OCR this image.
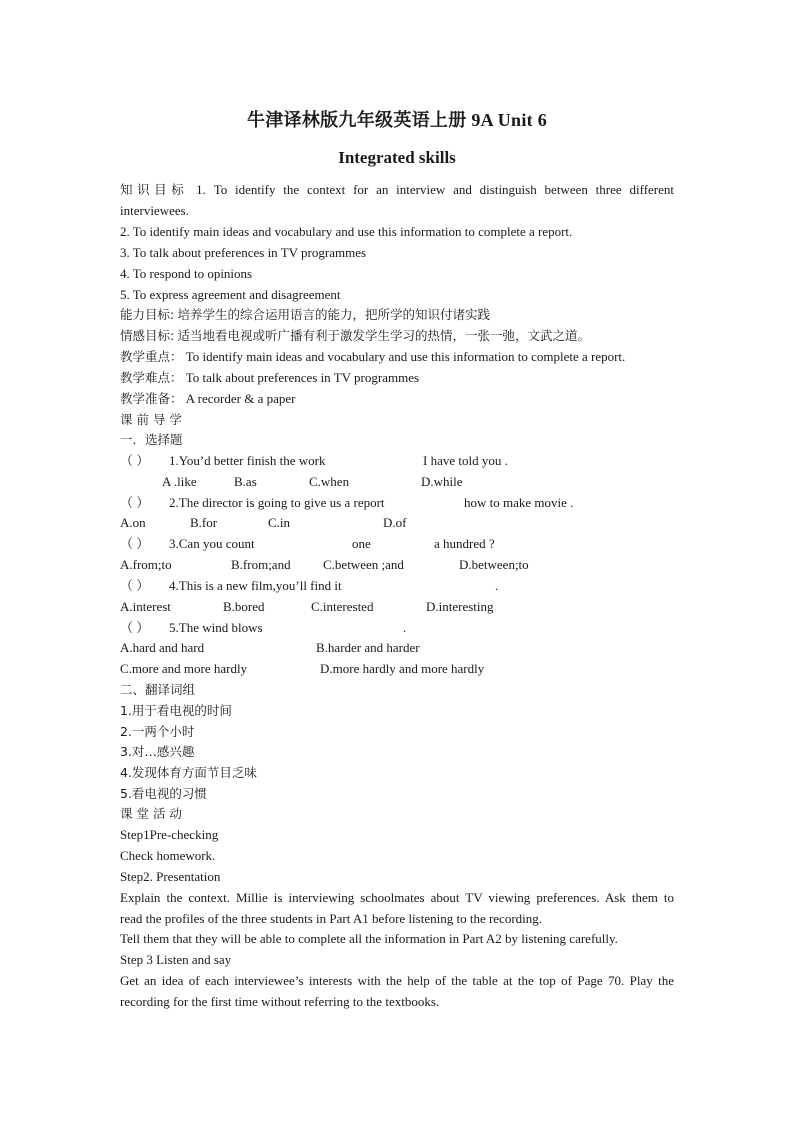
牛津译林版九年级英语上册 9A Unit 6
Integrated skills
知识目标 1. To identify the context for an interview and distinguish between three different
interviewees.
2. To identify main ideas and vocabulary and use this information to complete a report.
3. To talk about preferences in TV programmes
4. To respond to opinions
5. To express agreement and disagreement
能力目标: 培养学生的综合运用语言的能力，把所学的知识付诸实践
情感目标: 适当地看电视或听广播有利于激发学生学习的热情，一张一弛，文武之道。
教学重点： To identify main ideas and vocabulary and use this information to complete a report.
教学难点： To talk about preferences in TV programmes
教学准备： A recorder & a paper
课 前 导 学
一．选择题
（ ） 1.You’d better finish the work	I have told you .
A .like	B.as	C.when	D.while
（ ） 2.The director is going to give us a report	how to make movie .
A.on	B.for	C.in	D.of
（ ） 3.Can you count	one	a hundred ?
A.from;to	B.from;and C.between ;and	D.between;to
（ ） 4.This is a new film,you’ll find it	.
A.interest	B.bored	C.interested	D.interesting
（ ） 5.The wind blows	.
A.hard and hard	B.harder and harder
C.more and more hardly	D.more hardly and more hardly
二、翻译词组
1.用于看电视的时间
2.一两个小时
3.对…感兴趣
4.发现体育方面节目乏味
5.看电视的习惯
课 堂 活 动
Step1Pre-checking
Check homework.
Step2. Presentation
Explain the context. Millie is interviewing schoolmates about TV viewing preferences. Ask them to
read the profiles of the three students in Part A1 before listening to the recording.
Tell them that they will be able to complete all the information in Part A2 by listening carefully.
Step 3 Listen and say
Get an idea of each interviewee’s interests with the help of the table at the top of Page 70. Play the
recording for the first time without referring to the textbooks.
